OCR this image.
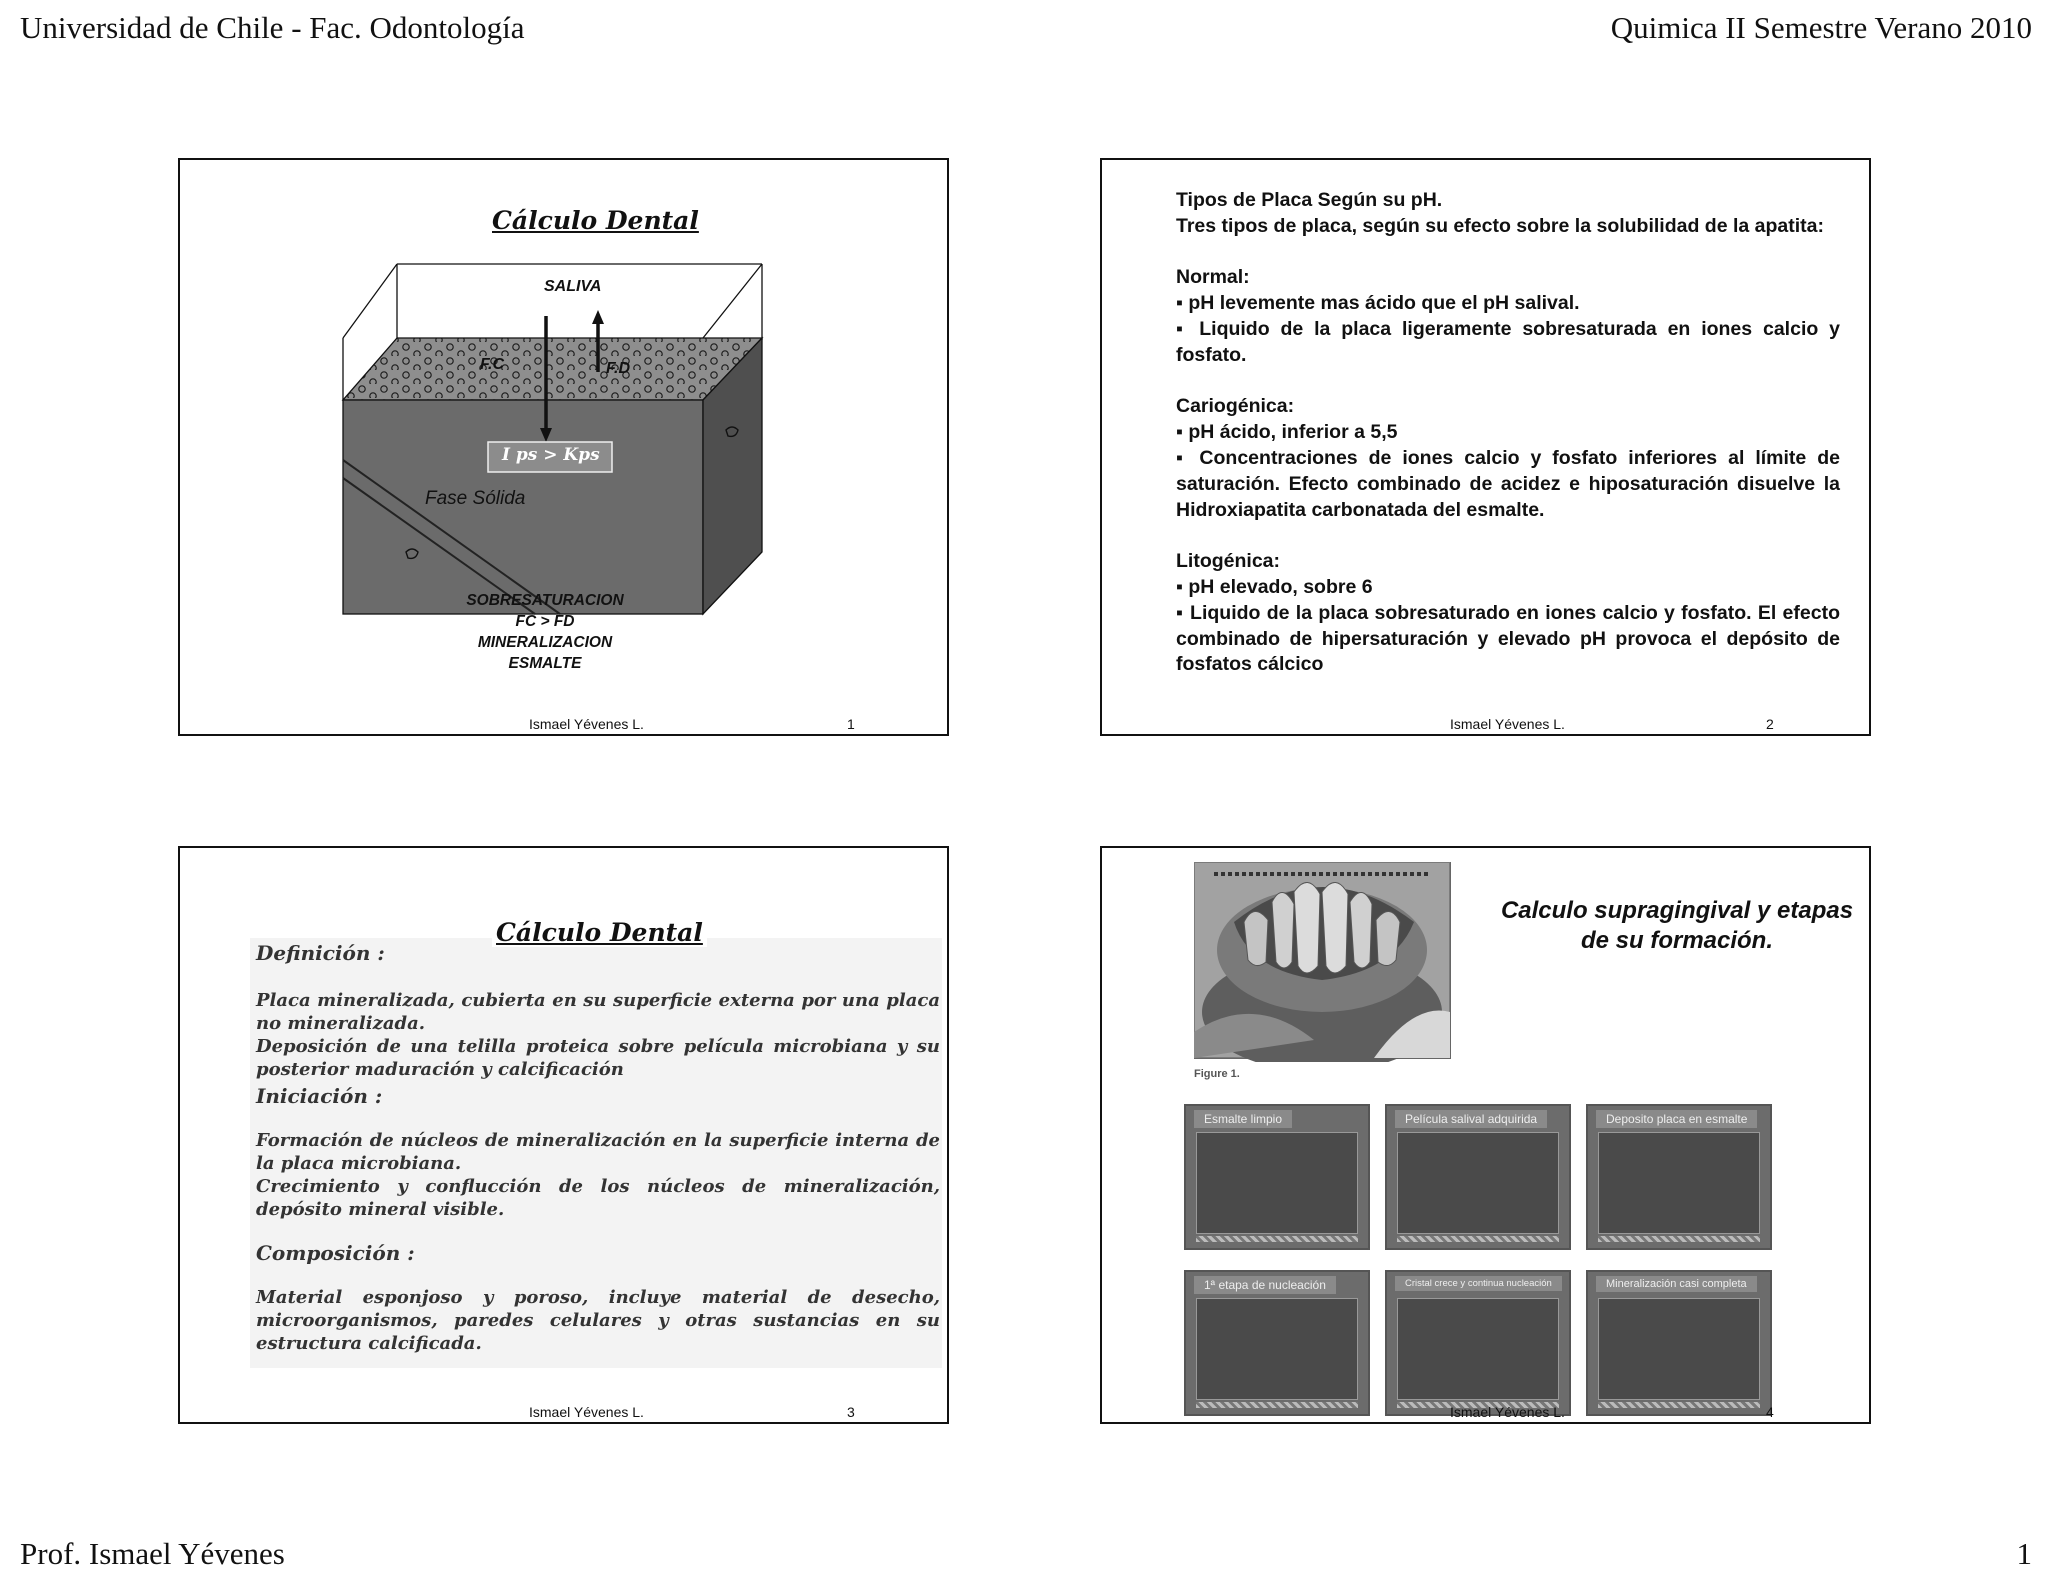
Universidad de Chile - Fac. Odontología	Quimica II Semestre Verano 2010
Prof. Ismael Yévenes	1
Cálculo Dental
SALIVA
F.C	F.D
I ps > Kps
Fase Sólida
SOBRESATURACION
FC > FD
MINERALIZACION
ESMALTE
Ismael Yévenes L.	1

Tipos de Placa Según su pH.

Tres tipos de placa, según su efecto sobre la solubilidad de la apatita:

Normal:

▪ pH levemente mas ácido que el pH salival.

▪ Liquido de la placa ligeramente sobresaturada en iones calcio y fosfato.

Cariogénica:

▪ pH ácido, inferior a 5,5

▪ Concentraciones de iones calcio y fosfato inferiores al límite de saturación. Efecto combinado de acidez e hiposaturación disuelve la Hidroxiapatita carbonatada del esmalte.

Litogénica:

▪ pH elevado, sobre 6

▪ Liquido de la placa sobresaturado en iones calcio y fosfato. El efecto combinado de hipersaturación y elevado pH provoca el depósito de fosfatos cálcico

Ismael Yévenes L.	2
Cálculo Dental

Definición :

Placa mineralizada, cubierta en su superficie externa por una placa no mineralizada.

Deposición de una telilla proteica sobre película microbiana y su posterior maduración y calcificación

Iniciación :

Formación de núcleos de mineralización en la superficie interna de la placa microbiana.

Crecimiento y conflucción de los núcleos de mineralización, depósito mineral visible.

Composición :

Material esponjoso y poroso, incluye material de desecho, microorganismos, paredes celulares y otras sustancias en su estructura calcificada.

Ismael Yévenes L.	3
Figure 1.
Calculo supragingival y etapas de su formación.
Esmalte limpio	Película salival adquirida	Deposito placa en esmalte
1ª etapa de nucleación	Cristal crece y continua nucleación	Mineralización casi completa
Ismael Yévenes L.	4
